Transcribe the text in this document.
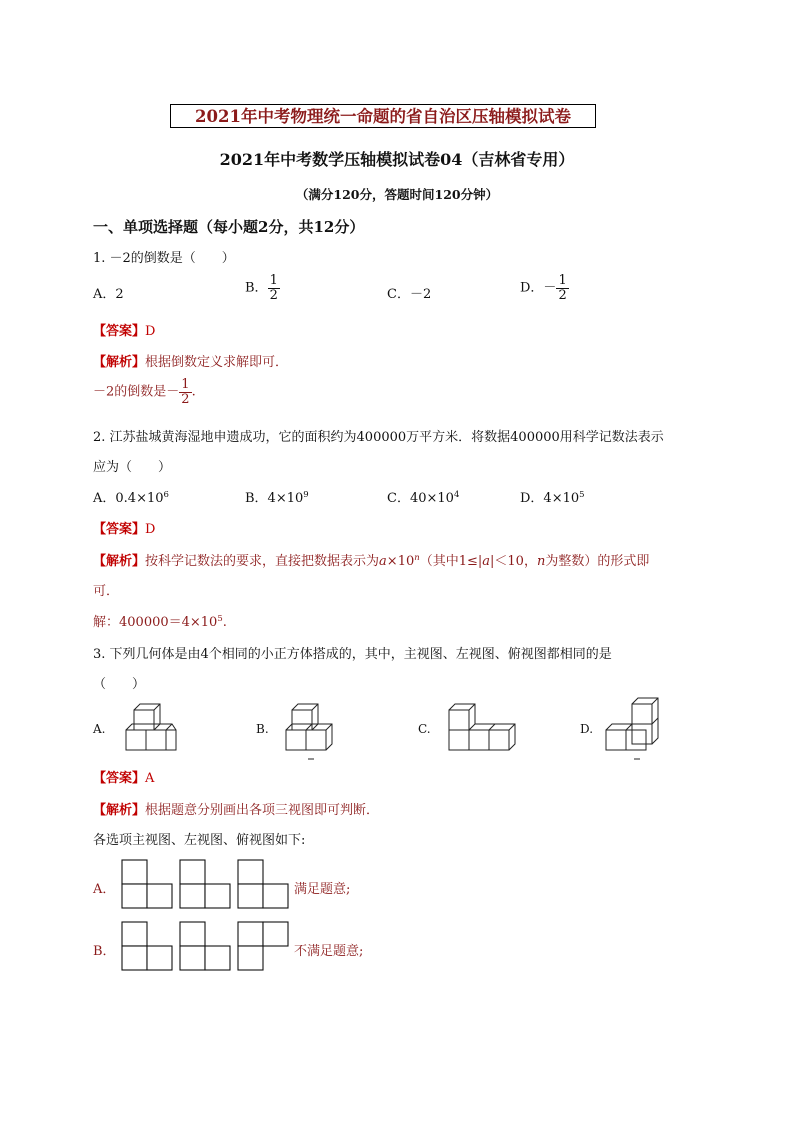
2021年中考物理统一命题的省自治区压轴模拟试卷
2021年中考数学压轴模拟试卷04（吉林省专用）
（满分120分，答题时间120分钟）
一、单项选择题（每小题2分，共12分）
1. －2的倒数是（　　）
A．2	B． $\frac{1}{2}$	C．－2	D．－ $\frac{1}{2}$
【答案】D
【解析】根据倒数定义求解即可．
－2的倒数是－ $\frac{1}{2}$ .
2. 江苏盐城黄海湿地申遗成功，它的面积约为400000万平方米．将数据400000用科学记数法表示
应为（　　）
A．$0.4\times 10^6$	B．$4\times 10^9$	C．$40\times 10^4$	D．$4\times 10^5$
【答案】D
【解析】按科学记数法的要求，直接把数据表示为$a\times 10^n$（其中1≤|a|＜10，n为整数）的形式即
可．
解：$400000=4\times 10^5$.
3. 下列几何体是由4个相同的小正方体搭成的，其中，主视图、左视图、俯视图都相同的是
（　　）
A.	B.	C.	D.
【答案】A
【解析】根据题意分别画出各项三视图即可判断．
各选项主视图、左视图、俯视图如下:
A．	满足题意;
B．	不满足题意;
